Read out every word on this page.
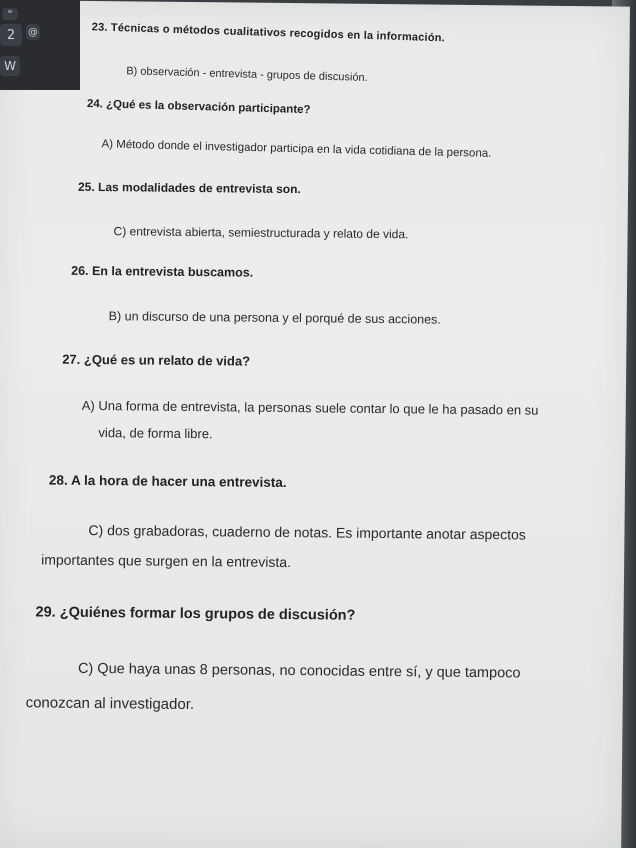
23. Técnicas o métodos cualitativos recogidos en la información.
B) observación - entrevista - grupos de discusión.
24. ¿Qué es la observación participante?
A) Método donde el investigador participa en la vida cotidiana de la persona.
25. Las modalidades de entrevista son.
C) entrevista abierta, semiestructurada y relato de vida.
26. En la entrevista buscamos.
B) un discurso de una persona y el porqué de sus acciones.
27. ¿Qué es un relato de vida?
A) Una forma de entrevista, la personas suele contar lo que le ha pasado en su
vida, de forma libre.
28. A la hora de hacer una entrevista.
C) dos grabadoras, cuaderno de notas. Es importante anotar aspectos
importantes que surgen en la entrevista.
29. ¿Quiénes formar los grupos de discusión?
C) Que haya unas 8 personas, no conocidas entre sí, y que tampoco
conozcan al investigador.
"
2	@
W
